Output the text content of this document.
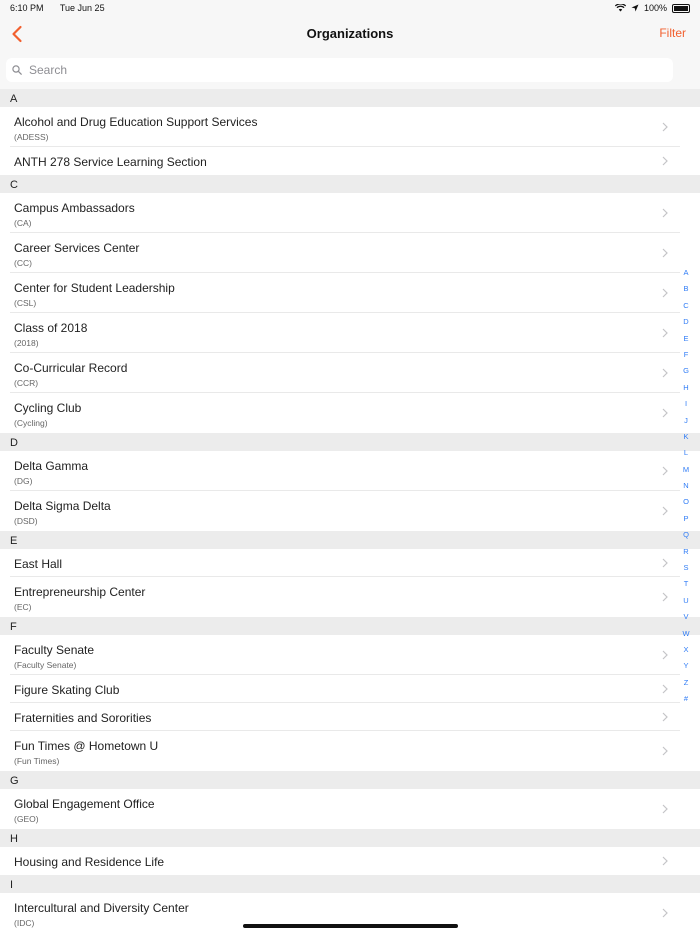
6:10 PM Tue Jun 25	100%
Organizations	Filter
Search
A
Alcohol and Drug Education Support Services
(ADESS)
ANTH 278 Service Learning Section
C
Campus Ambassadors
(CA)
Career Services Center
(CC)
Center for Student Leadership
(CSL)
Class of 2018
(2018)
Co-Curricular Record
(CCR)
Cycling Club
(Cycling)
D
Delta Gamma
(DG)
Delta Sigma Delta
(DSD)
E
East Hall
Entrepreneurship Center
(EC)
F
Faculty Senate
(Faculty Senate)
Figure Skating Club
Fraternities and Sororities
Fun Times @ Hometown U
(Fun Times)
G
Global Engagement Office
(GEO)
H
Housing and Residence Life
I
Intercultural and Diversity Center
(IDC)
A
B
C
D
E
F
G
H
I
J
K
L
M
N
O
P
Q
R
S
T
U
V
W
X
Y
Z
#
